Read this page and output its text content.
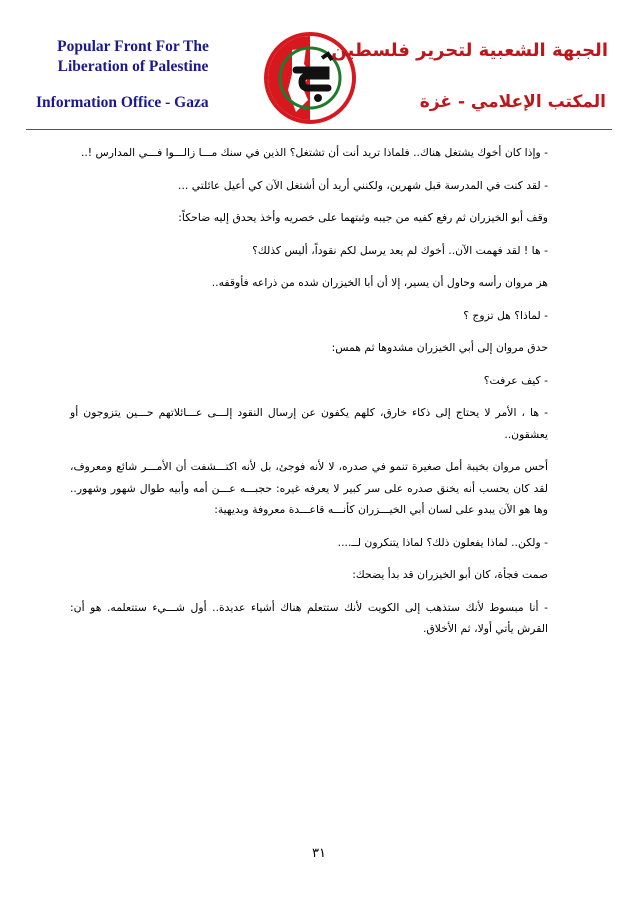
Popular Front For The
Liberation of Palestine
Information Office - Gaza
الجبهة الشعبية لتحرير فلسطين
المكتب الإعلامي - غزة

- وإذا كان أخوك يشتغل هناك.. فلماذا تريد أنت أن تشتغل؟ الذين في سنك مـــا زالـــوا فـــي المدارس !..

- لقد كنت في المدرسة قبل شهرين، ولكنني أريد أن أشتغل الآن كي أعيل عائلتي ...

وقف أبو الخيزران ثم رفع كفيه من جيبه وثبتهما على خصريه وأخذ يحدق إليه ضاحكاً:

- ها ! لقد فهمت الآن.. أخوك لم يعد يرسل لكم نقوداً، أليس كذلك؟

هز مروان رأسه وحاول أن يسير، إلا أن أبا الخيزران شده من ذراعه فأوقفه..

- لماذا؟ هل تزوج ؟

حدق مروان إلى أبي الخيزران مشدوها ثم همس:

- كيف عرفت؟

- ها ، الأمر لا يحتاج إلى ذكاء خارق، كلهم يكفون عن إرسال النقود إلـــى عـــائلاتهم حـــين يتزوجون أو يعشقون..

أحس مروان بخيبة أمل صغيرة تنمو في صدره، لا لأنه فوجئ، بل لأنه اكتـــشفت أن الأمـــر شائع ومعروف، لقد كان يحسب أنه يخنق صدره على سر كبير لا يعرفه غيره: حجبـــه عـــن أمه وأبيه طوال شهور وشهور.. وها هو الآن يبدو على لسان أبي الخيـــزران كأنـــه قاعـــدة معروفة وبديهية:

- ولكن.. لماذا يفعلون ذلك؟ لماذا يتنكرون لــ....

صمت فجأة، كان أبو الخيزران قد بدأ يضحك:

- أنا مبسوط لأنك ستذهب إلى الكويت لأنك ستتعلم هناك أشياء عديدة.. أول شـــيء ستتعلمه. هو أن: القرش يأتي أولا، ثم الأخلاق.

٣١
